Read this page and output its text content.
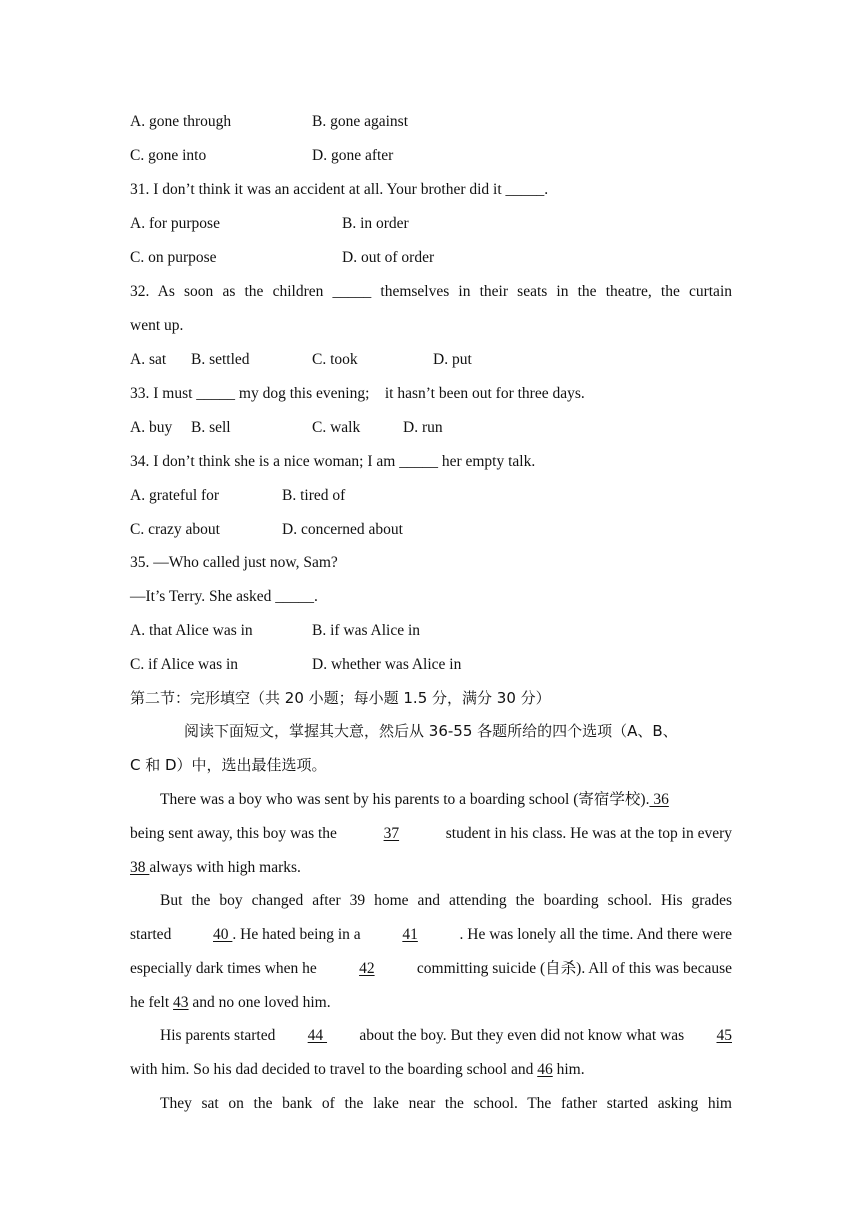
A. gone through	B. gone against
C. gone into	D. gone after
31. I don’t think it was an accident at all. Your brother did it _____.
A. for purpose	B. in order
C. on purpose	D. out of order
32. As soon as the children _____ themselves in their seats in the theatre, the curtain
went up.
A. sat B. settled	C. took	D. put
33. I must _____ my dog this evening;    it hasn’t been out for three days.
A. buy B. sell	C. walk	D. run
34. I don’t think she is a nice woman; I am _____ her empty talk.
A. grateful for	B. tired of
C. crazy about	D. concerned about
35. —Who called just now, Sam?
—It’s Terry. She asked _____.
A. that Alice was in	B. if was Alice in
C. if Alice was in	D. whether was Alice in
第二节：完形填空（共 20 小题；每小题 1.5 分，满分 30 分）
阅读下面短文，掌握其大意，然后从 36-55 各题所给的四个选项（A、B、
C 和 D）中，选出最佳选项。
There was a boy who was sent by his parents to a boarding school (寄宿学校). 36
being sent away, this boy was the	37	student in his class. He was at the top in every
38 always with high marks.
But the boy changed after 39 home and attending the boarding school. His grades
started	40 . He hated being in a	41	. He was lonely all the time. And there were
especially dark times when he	42	committing suicide (自杀). All of this was because
he felt 43 and no one loved him.
His parents started 44 about the boy. But they even did not know what was 45
with him. So his dad decided to travel to the boarding school and 46 him.
They sat on the bank of the lake near the school. The father started asking him
